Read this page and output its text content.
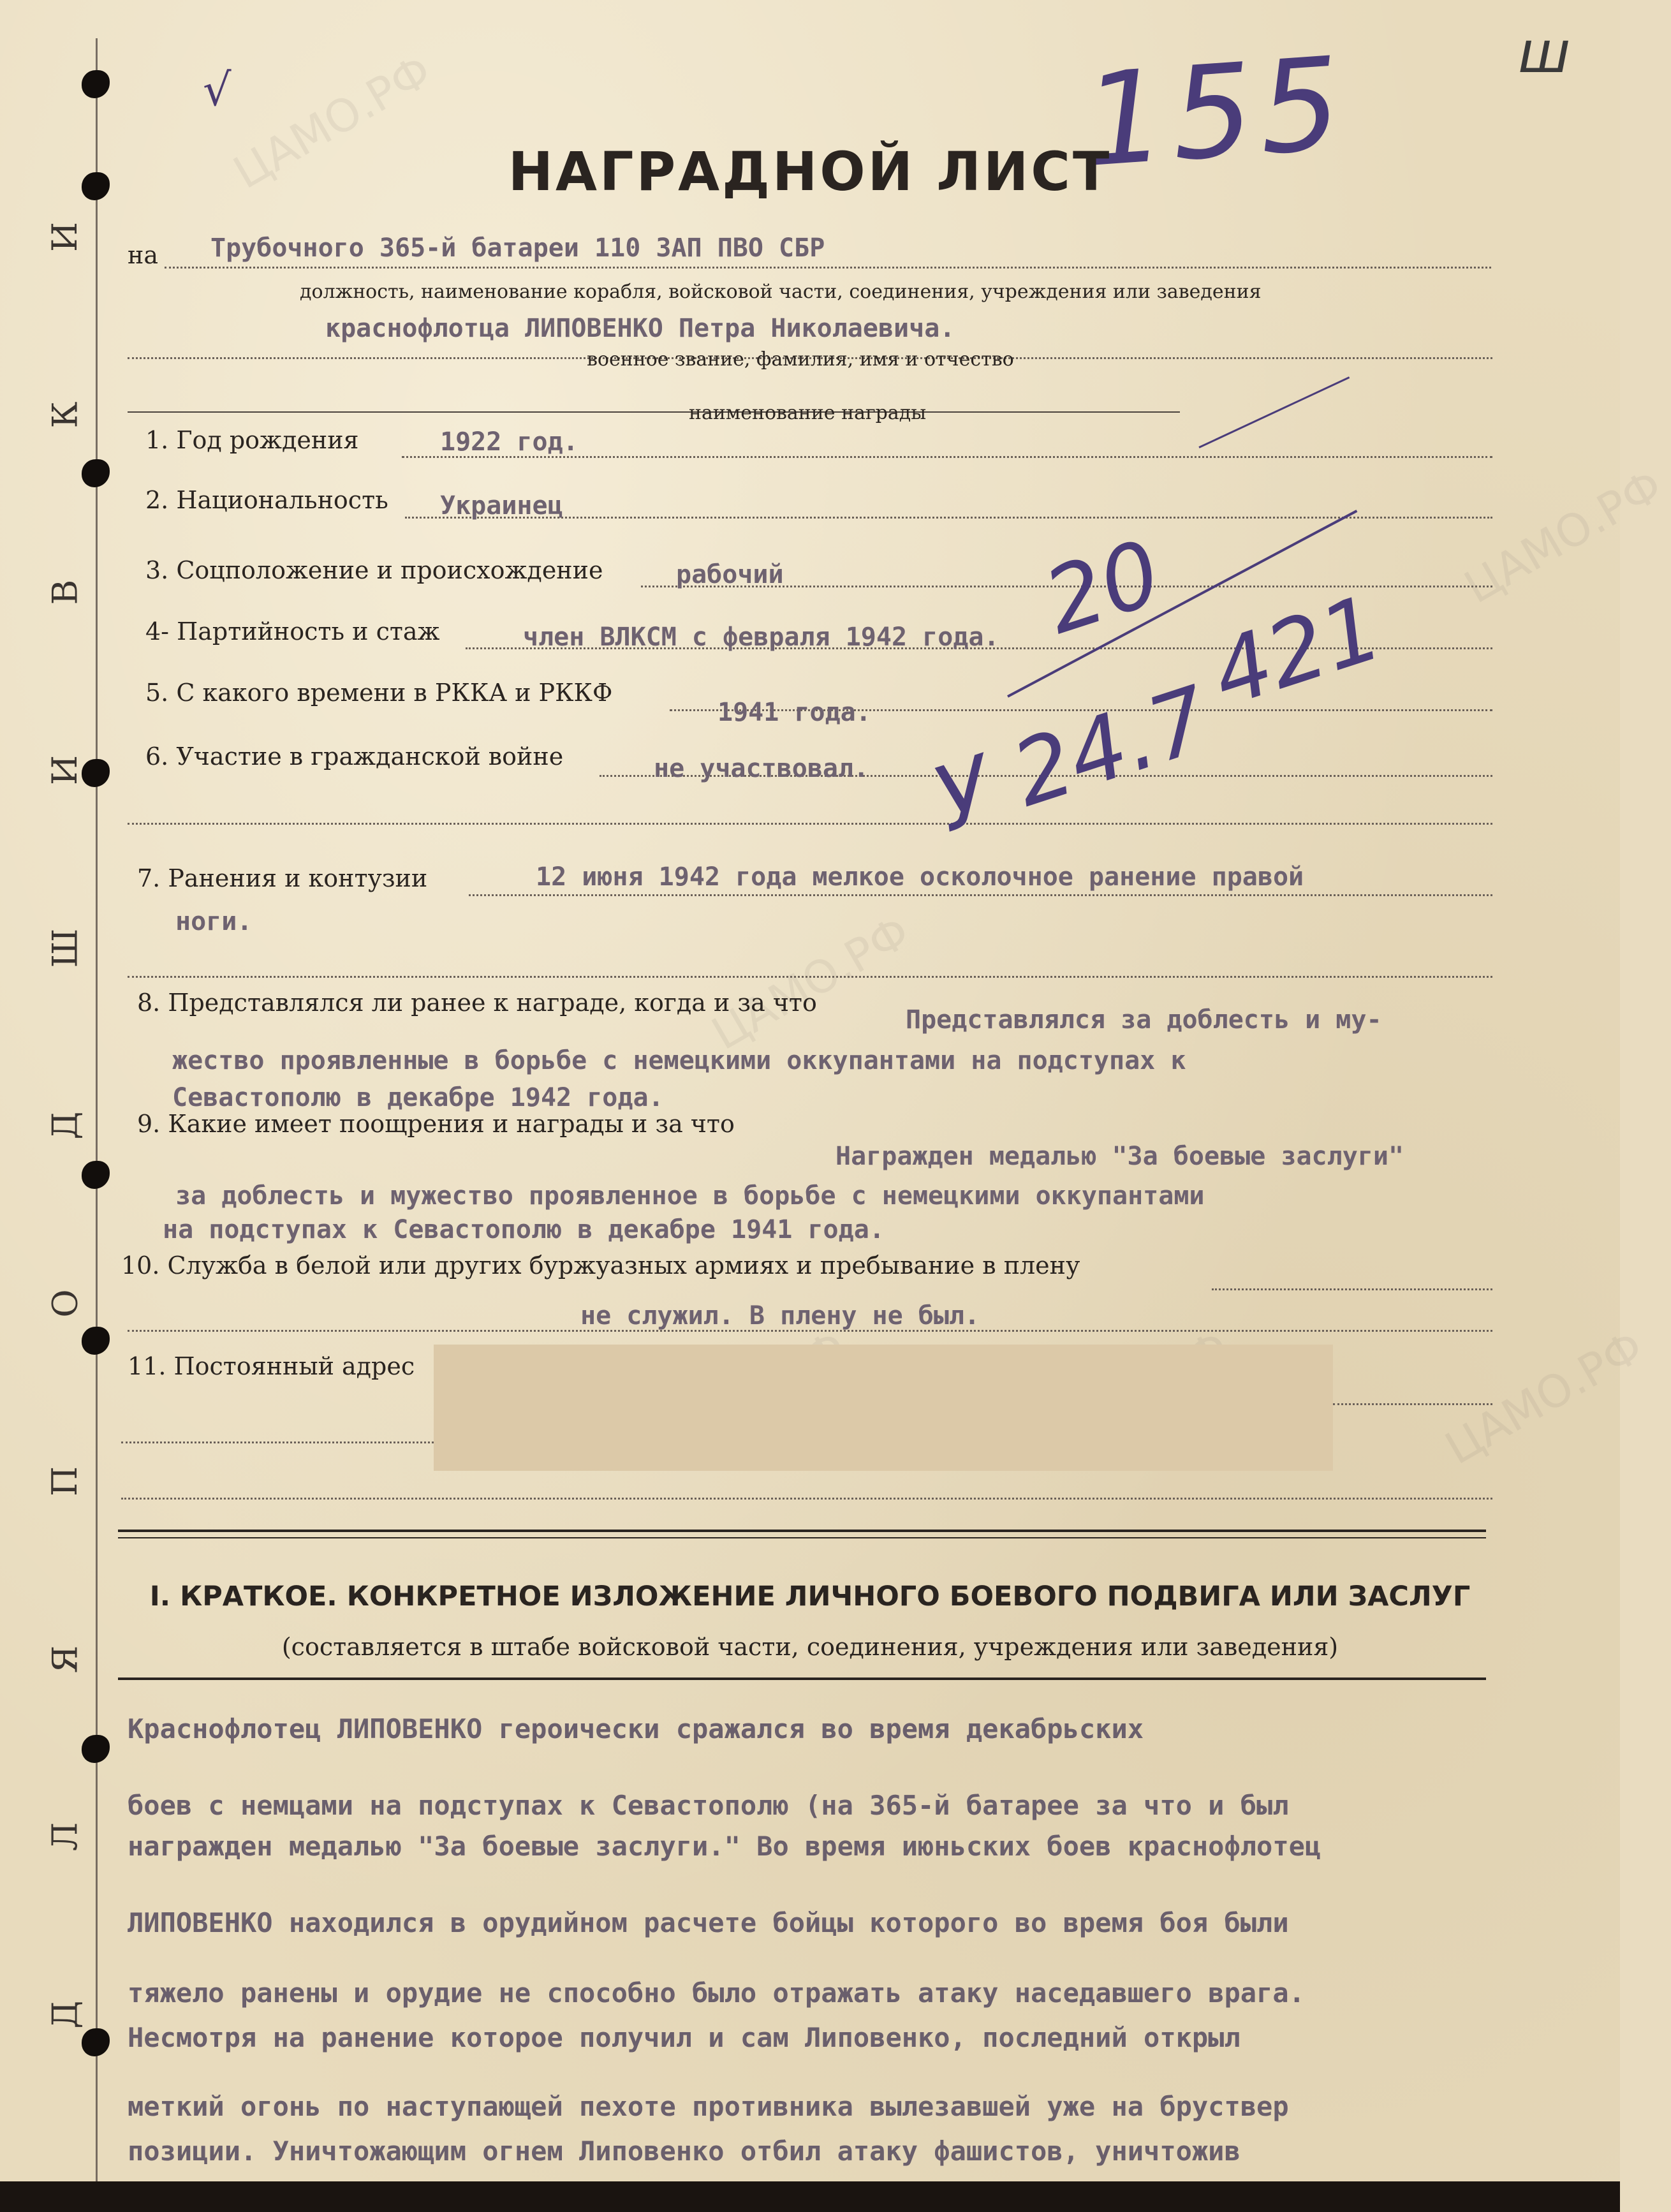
ЦАМО.РФ
ЦАМО.РФ
ЦАМО.РФ
ЦАМО.РФ
Д
Л
Я
П
О
Д
Ш
И
В
К
И
√	155	ш
НАГРАДНОЙ ЛИСТ
на Трубочного 365-й батареи 110 ЗАП ПВО СБР
должность, наименование корабля, войсковой части, соединения, учреждения или заведения
краснофлотца ЛИПОВЕНКО Петра Николаевича.
военное звание, фамилия, имя и отчество
наименование награды
1. Год рождения	1922 год.
2. Национальность Украинец
3. Соцположение и происхождение	рабочий
4- Партийность и стаж	член ВЛКСМ с февраля 1942 года.
5. С какого времени в РККА и РККФ
1941 года.
6. Участие в гражданской войне	не участвовал.
7. Ранения и контузии	12 июня 1942 года мелкое осколочное ранение правой
ноги.
8. Представлялся ли ранее к награде, когда и за что
Представлялся за доблесть и му-
жество проявленные в борьбе с немецкими оккупантами на подступах к
Севастополю в декабре 1942 года.
9. Какие имеет поощрения и награды и за что
Награжден медалью "За боевые заслуги"
за доблесть и мужество проявленное в борьбе с немецкими оккупантами
на подступах к Севастополю в декабре 1941 года.
10. Служба в белой или других буржуазных армиях и пребывание в плену
не служил. В плену не был.
11. Постоянный адрес
I. КРАТКОЕ. КОНКРЕТНОЕ ИЗЛОЖЕНИЕ ЛИЧНОГО БОЕВОГО ПОДВИГА ИЛИ ЗАСЛУГ
(составляется в штабе войсковой части, соединения, учреждения или заведения)
Краснофлотец ЛИПОВЕНКО героически сражался во время декабрьских
боев с немцами на подступах к Севастополю (на 365-й батарее за что и был
награжден медалью "За боевые заслуги." Во время июньских боев краснофлотец
ЛИПОВЕНКО находился в орудийном расчете бойцы которого во время боя были
тяжело ранены и орудие не способно было отражать атаку наседавшего врага.
Несмотря на ранение которое получил и сам Липовенко, последний открыл
меткий огонь по наступающей пехоте противника вылезавшей уже на бруствер
позиции. Уничтожающим огнем Липовенко отбил атаку фашистов, уничтожив
20 421
У 24.7
